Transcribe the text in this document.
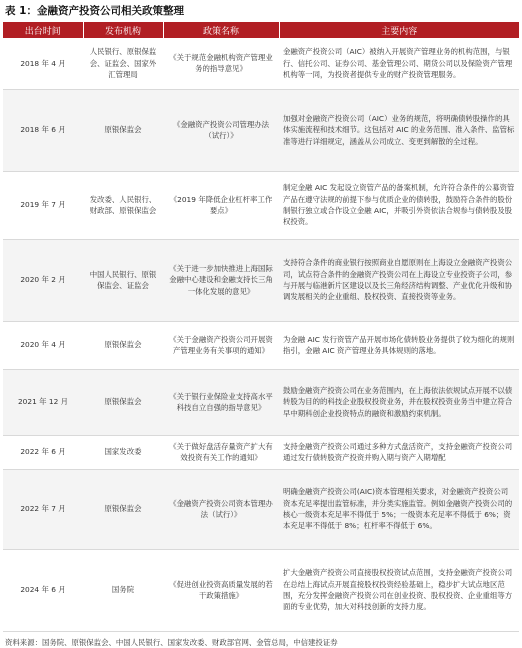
表 1：金融资产投资公司相关政策整理
出台时间	发布机构	政策名称	主要内容
2018 年 4 月	人民银行、原银保监会、证监会、国家外汇管理局	《关于规范金融机构资产管理业务的指导意见》	金融资产投资公司（AIC）被纳入开展资产管理业务的机构范围，与银行、信托公司、证券公司、基金管理公司、期货公司以及保险资产管理机构等一同，为投资者提供专业的财产投资管理服务。
2018 年 6 月	原银保监会	《金融资产投资公司管理办法（试行）》	加强对金融资产投资公司（AIC）业务的规范，将明确债转股操作的具体实施流程和技术细节。这包括对 AIC 的业务范围、准入条件、监管标准等进行详细规定，涵盖从公司成立、变更到解散的全过程。
2019 年 7 月	发改委、人民银行、财政部、原银保监会	《2019 年降低企业杠杆率工作要点》	制定金融 AIC 发起设立资管产品的备案机制，允许符合条件的公募资管产品在遵守法规的前提下参与优质企业的债转股，鼓励符合条件的股份制银行独立或合作设立金融 AIC，并吸引外资依法合规参与债转股及股权投资。
2020 年 2 月	中国人民银行、原银保监会、证监会	《关于进一步加快推进上海国际金融中心建设和金融支持长三角一体化发展的意见》	支持符合条件的商业银行按照商业自愿原则在上海设立金融资产投资公司，试点符合条件的金融资产投资公司在上海设立专业投资子公司，参与开展与临港新片区建设以及长三角经济结构调整、产业优化升级和协调发展相关的企业重组、股权投资、直接投资等业务。
2020 年 4 月	原银保监会	《关于金融资产投资公司开展资产管理业务有关事项的通知》	为金融 AIC 发行资管产品开展市场化债转股业务提供了较为细化的规则指引，金融 AIC 资产管理业务具体规则的落地。
2021 年 12 月	原银保监会	《关于银行业保险业支持高水平科技自立自强的指导意见》	鼓励金融资产投资公司在业务范围内，在上海依法依规试点开展不以债转股为目的的科技企业股权投资业务，并在股权投资业务当中建立符合早中期科创企业投资特点的融资和激励约束机制。
2022 年 6 月	国家发改委	《关于做好盘活存量资产扩大有效投资有关工作的通知》	支持金融资产投资公司通过多种方式盘活资产，支持金融资产投资公司通过发行债转股资产投资并购入期与资产入期增配
2022 年 7 月	原银保监会	《金融资产投资公司资本管理办法（试行）》	明确金融资产投资公司(AIC)资本管理相关要求，对金融资产投资公司资本充足率提出监管标准，并分类实施监管。例如金融资产投资公司的核心一级资本充足率不得低于 5%；一级资本充足率不得低于 6%；资本充足率不得低于 8%；杠杆率不得低于 6%。
2024 年 6 月	国务院	《促进创业投资高质量发展的若干政策措施》	扩大金融资产投资公司直接股权投资试点范围，支持金融资产投资公司在总结上海试点开展直接股权投资经验基础上，稳步扩大试点地区范围，充分发挥金融资产投资公司在创业投资、股权投资、企业重组等方面的专业优势，加大对科技创新的支持力度。
资料来源：国务院、原银保监会、中国人民银行、国家发改委、财政部官网、金管总局，中信建投证券
